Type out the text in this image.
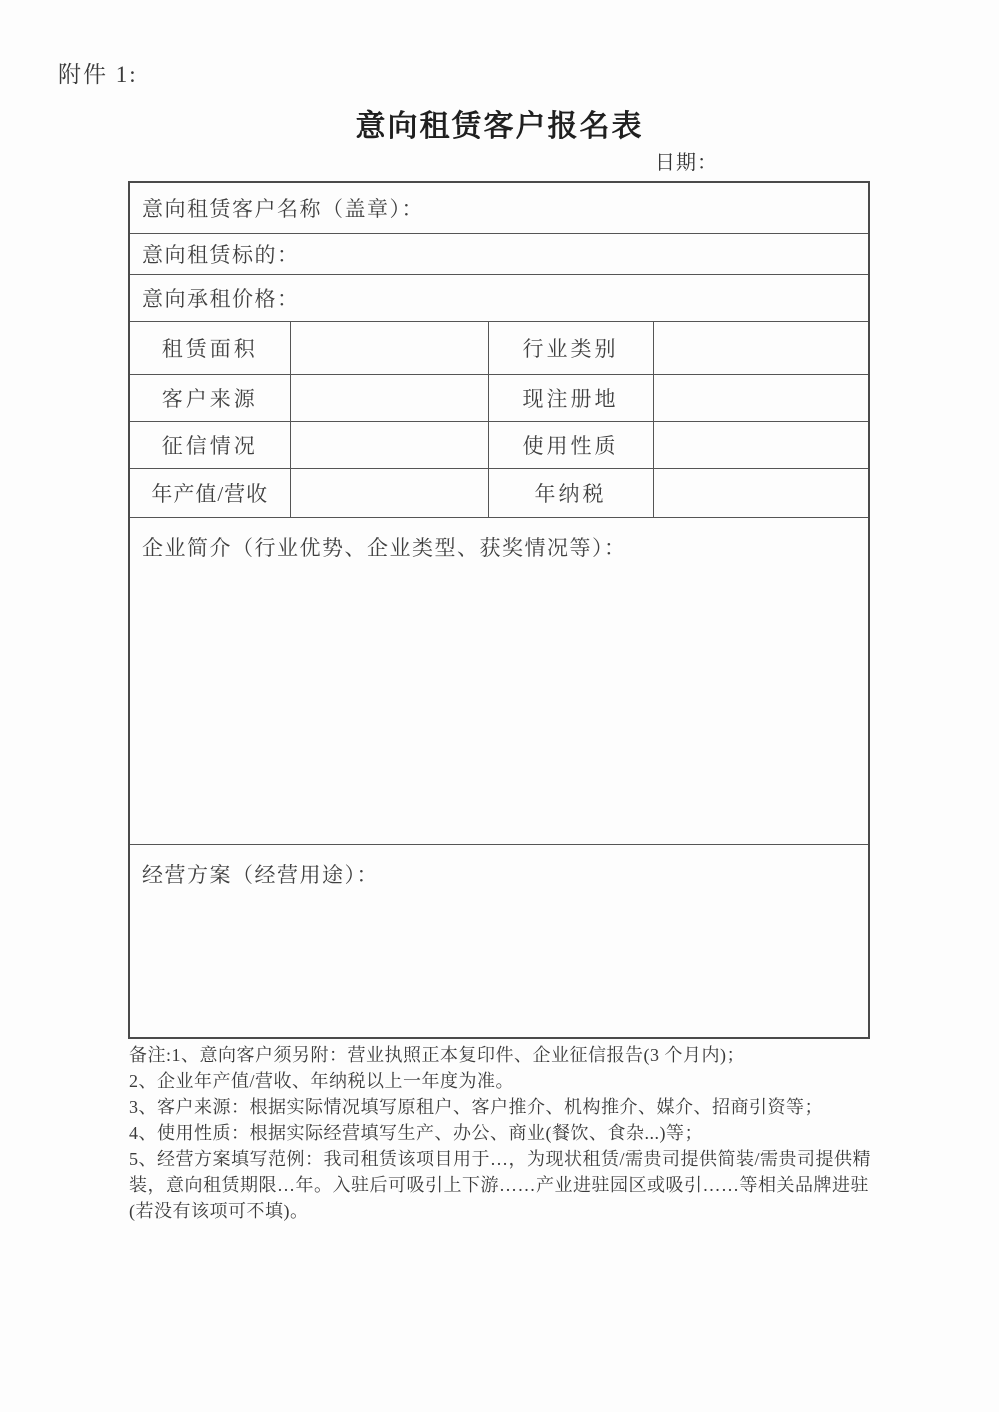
附件 1:
意向租赁客户报名表
日期：
意向租赁客户名称（盖章）：			
意向租赁标的：			
意向承租价格：			
租赁面积		行业类别	
客户来源		现注册地	
征信情况		使用性质	
年产值/营收		年纳税	
企业简介（行业优势、企业类型、获奖情况等）：			
经营方案（经营用途）：			
备注:1、意向客户须另附：营业执照正本复印件、企业征信报告(3 个月内)；
2、企业年产值/营收、年纳税以上一年度为准。
3、客户来源：根据实际情况填写原租户、客户推介、机构推介、媒介、招商引资等；
4、使用性质：根据实际经营填写生产、办公、商业(餐饮、食杂...)等；
5、经营方案填写范例：我司租赁该项目用于…，为现状租赁/需贵司提供简装/需贵司提供精装，意向租赁期限…年。入驻后可吸引上下游……产业进驻园区或吸引……等相关品牌进驻(若没有该项可不填)。
